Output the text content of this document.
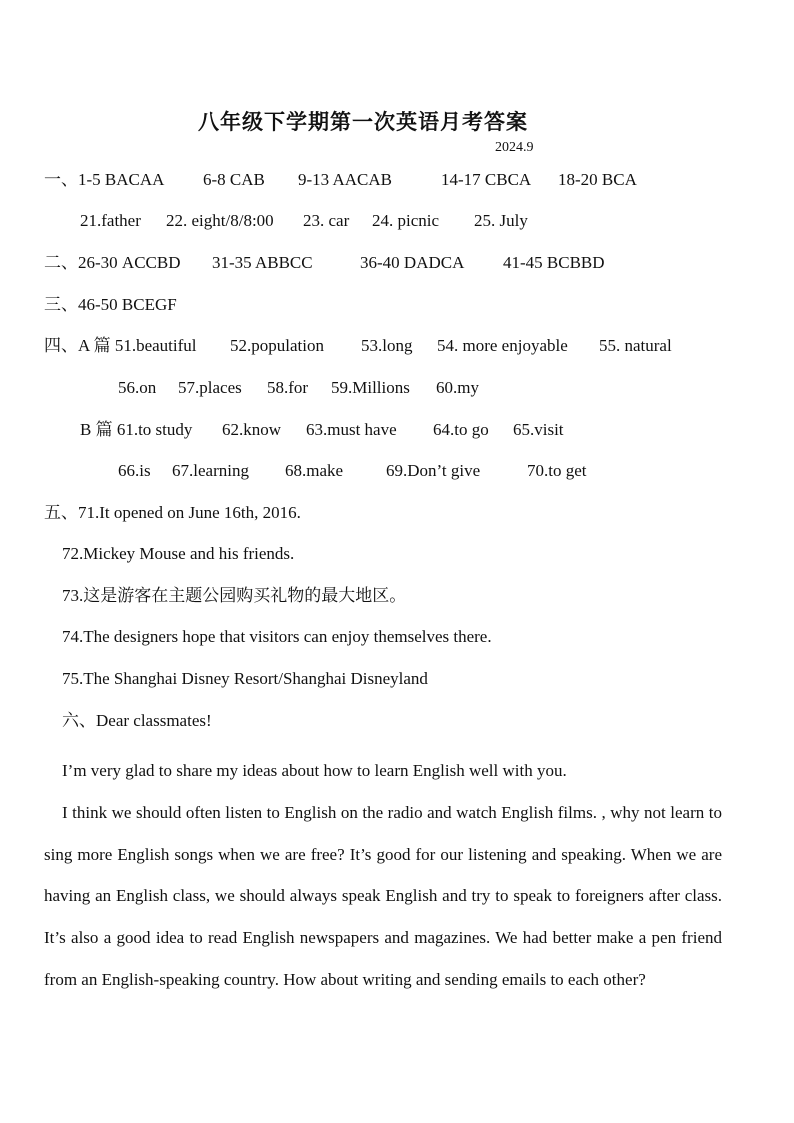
八年级下学期第一次英语月考答案
2024.9
一、1-5 BACAA 6-8 CAB 9-13 AACAB	14-17 CBCA 18-20 BCA
21.father 22. eight/8/8:00 23. car 24. picnic 25. July
二、26-30 ACCBD 31-35 ABBCC	36-40 DADCA 41-45 BCBBD
三、46-50 BCEGF
四、A 篇 51.beautiful 52.population 53.long 54. more enjoyable 55. natural
56.on 57.places 58.for 59.Millions 60.my
B 篇 61.to study 62.know 63.must have 64.to go 65.visit
66.is 67.learning 68.make	69.Don’t give	70.to get
五、71.It opened on June 16th, 2016.
72.Mickey Mouse and his friends.
73.这是游客在主题公园购买礼物的最大地区。
74.The designers hope that visitors can enjoy themselves there.
75.The Shanghai Disney Resort/Shanghai Disneyland
六、Dear classmates!

I’m very glad to share my ideas about how to learn English well with you.

I think we should often listen to English on the radio and watch English films. , why not learn to sing more English songs when we are free? It’s good for our listening and speaking. When we are having an English class, we should always speak English and try to speak to foreigners after class. It’s also a good idea to read English newspapers and magazines. We had better make a pen friend from an English-speaking country. How about writing and sending emails to each other?
